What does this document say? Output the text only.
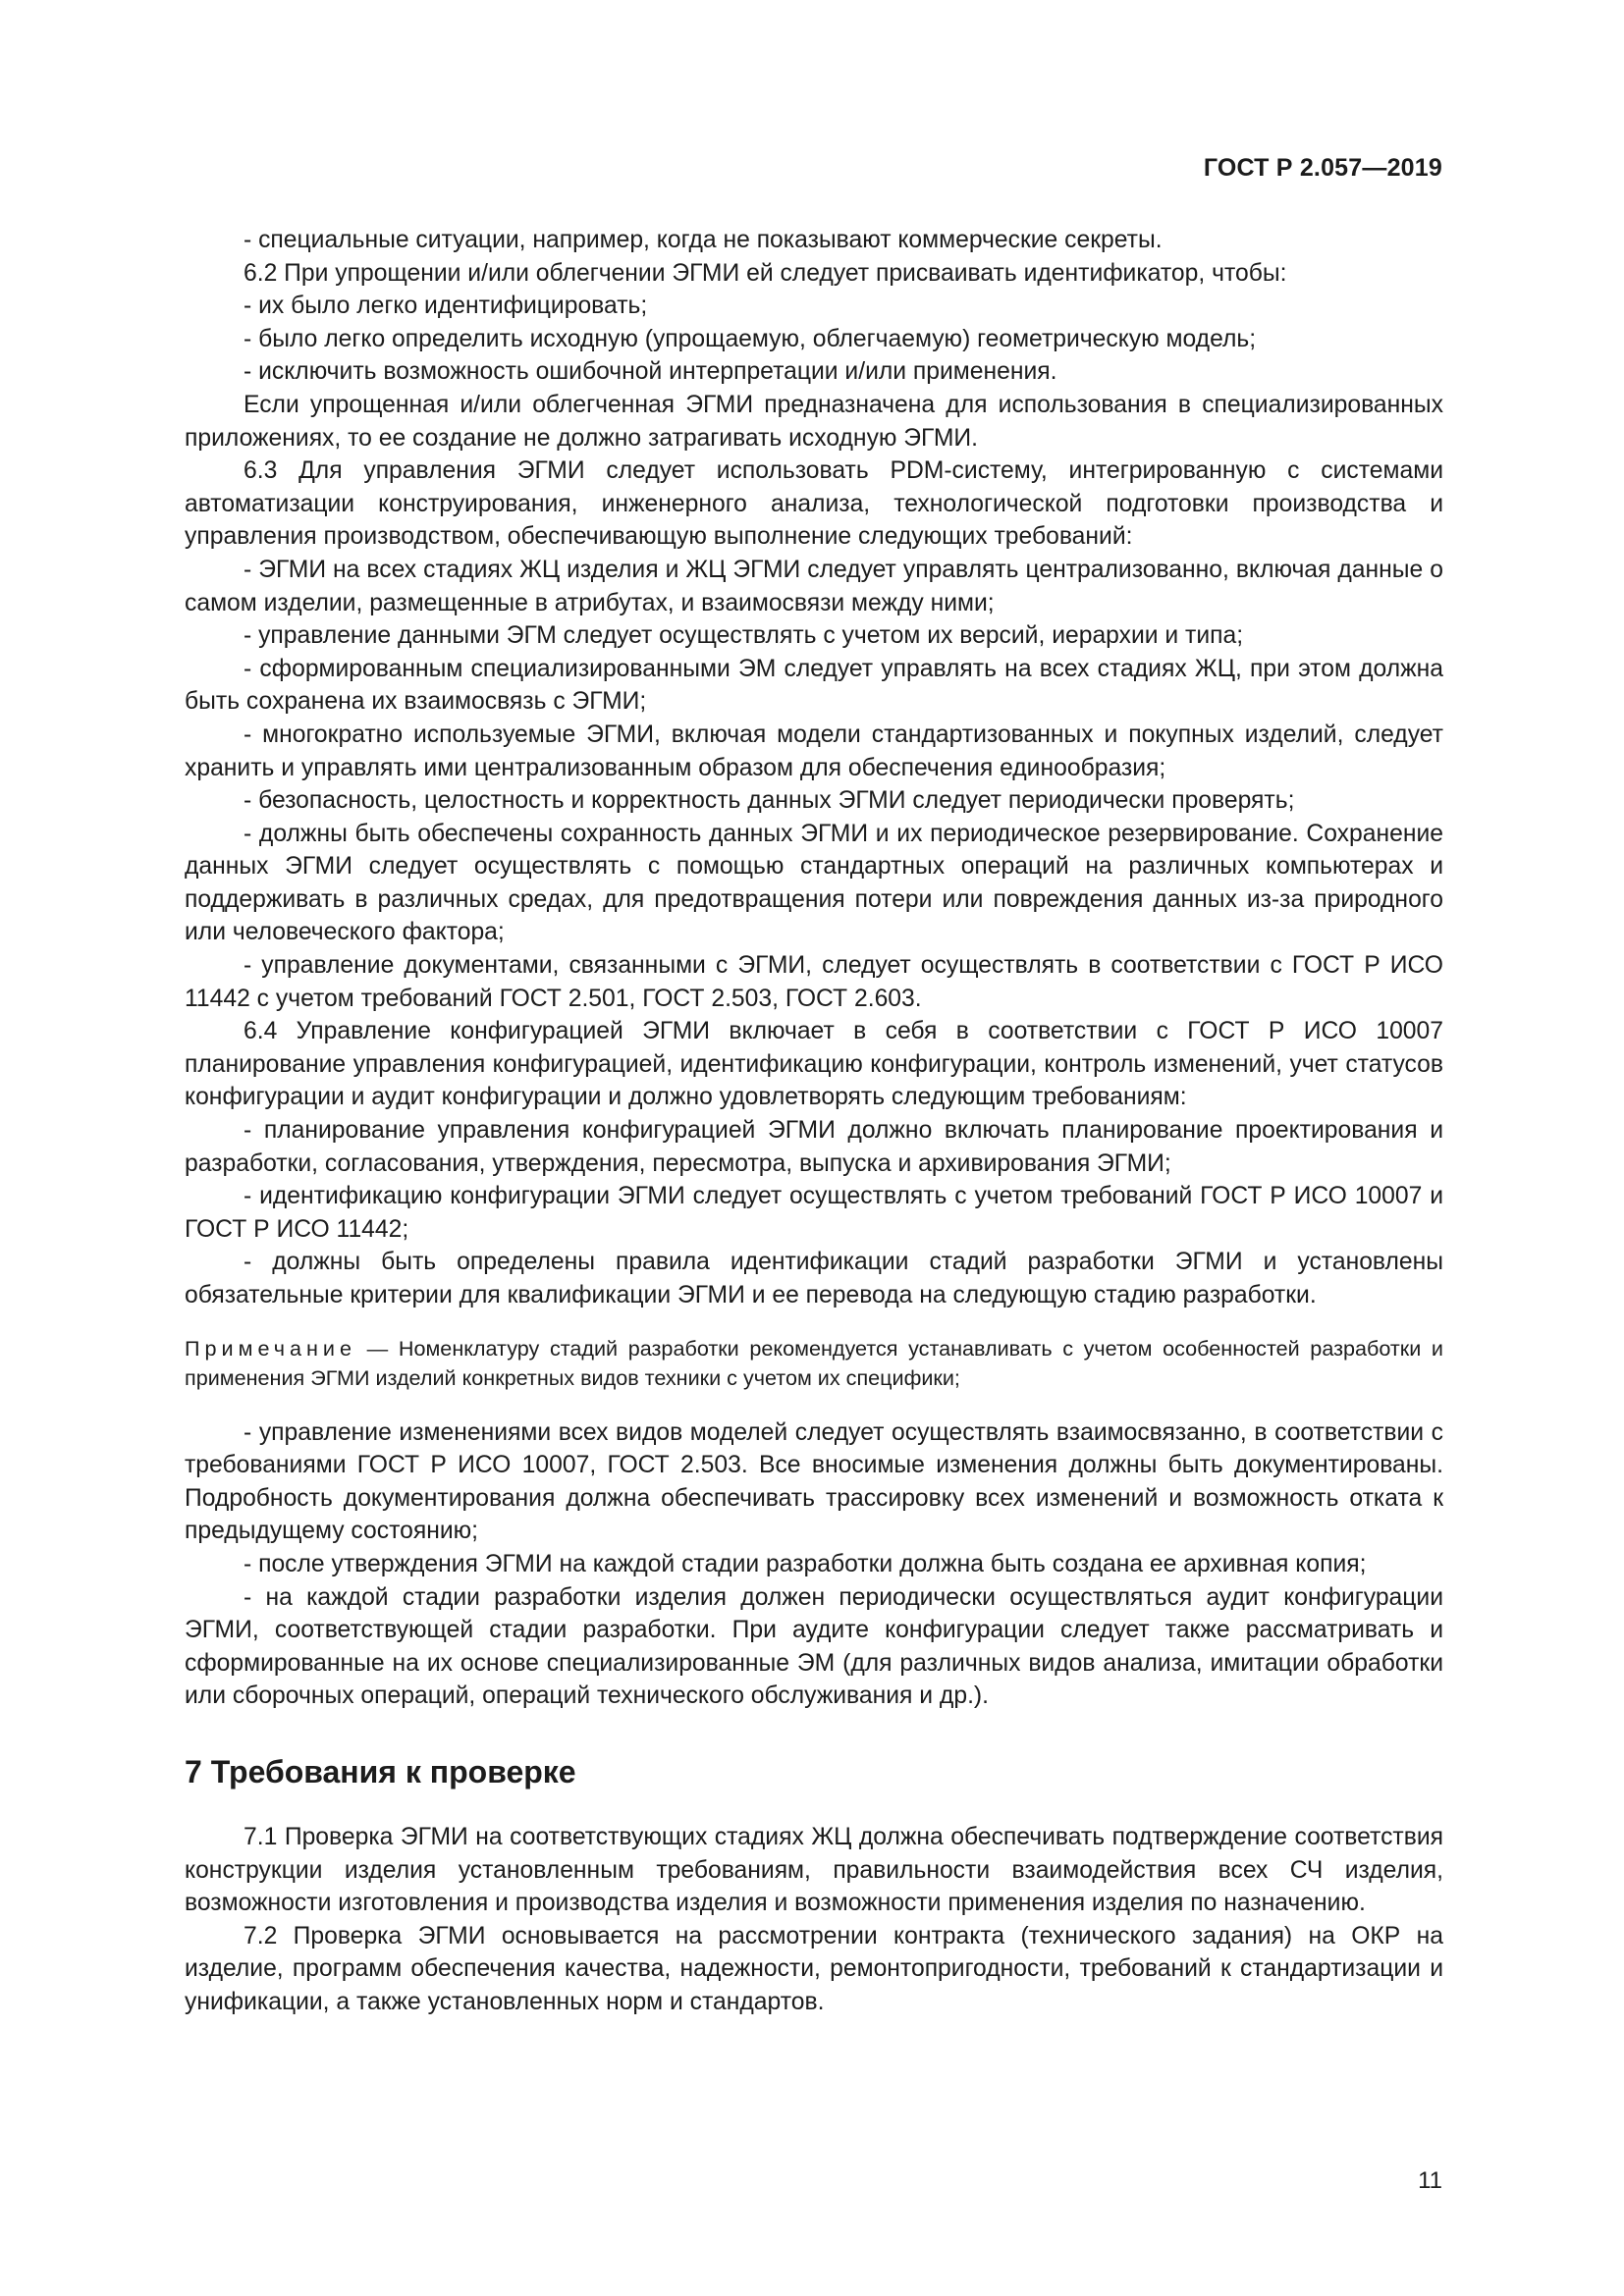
ГОСТ Р 2.057—2019

- специальные ситуации, например, когда не показывают коммерческие секреты.

6.2 При упрощении и/или облегчении ЭГМИ ей следует присваивать идентификатор, чтобы:

- их было легко идентифицировать;

- было легко определить исходную (упрощаемую, облегчаемую) геометрическую модель;

- исключить возможность ошибочной интерпретации и/или применения.

Если упрощенная и/или облегченная ЭГМИ предназначена для использования в специализированных приложениях, то ее создание не должно затрагивать исходную ЭГМИ.

6.3 Для управления ЭГМИ следует использовать PDM-систему, интегрированную с системами автоматизации конструирования, инженерного анализа, технологической подготовки производства и управления производством, обеспечивающую выполнение следующих требований:

- ЭГМИ на всех стадиях ЖЦ изделия и ЖЦ ЭГМИ следует управлять централизованно, включая данные о самом изделии, размещенные в атрибутах, и взаимосвязи между ними;

- управление данными ЭГМ следует осуществлять с учетом их версий, иерархии и типа;

- сформированным специализированными ЭМ следует управлять на всех стадиях ЖЦ, при этом должна быть сохранена их взаимосвязь с ЭГМИ;

- многократно используемые ЭГМИ, включая модели стандартизованных и покупных изделий, следует хранить и управлять ими централизованным образом для обеспечения единообразия;

- безопасность, целостность и корректность данных ЭГМИ следует периодически проверять;

- должны быть обеспечены сохранность данных ЭГМИ и их периодическое резервирование. Сохранение данных ЭГМИ следует осуществлять с помощью стандартных операций на различных компьютерах и поддерживать в различных средах, для предотвращения потери или повреждения данных из-за природного или человеческого фактора;

- управление документами, связанными с ЭГМИ, следует осуществлять в соответствии с ГОСТ Р ИСО 11442 с учетом требований ГОСТ 2.501, ГОСТ 2.503, ГОСТ 2.603.

6.4 Управление конфигурацией ЭГМИ включает в себя в соответствии с ГОСТ Р ИСО 10007 планирование управления конфигурацией, идентификацию конфигурации, контроль изменений, учет статусов конфигурации и аудит конфигурации и должно удовлетворять следующим требованиям:

- планирование управления конфигурацией ЭГМИ должно включать планирование проектирования и разработки, согласования, утверждения, пересмотра, выпуска и архивирования ЭГМИ;

- идентификацию конфигурации ЭГМИ следует осуществлять с учетом требований ГОСТ Р ИСО 10007 и ГОСТ Р ИСО 11442;

- должны быть определены правила идентификации стадий разработки ЭГМИ и установлены обязательные критерии для квалификации ЭГМИ и ее перевода на следующую стадию разработки.

Примечание — Номенклатуру стадий разработки рекомендуется устанавливать с учетом особенностей разработки и применения ЭГМИ изделий конкретных видов техники с учетом их специфики;

- управление изменениями всех видов моделей следует осуществлять взаимосвязанно, в соответствии с требованиями ГОСТ Р ИСО 10007, ГОСТ 2.503. Все вносимые изменения должны быть документированы. Подробность документирования должна обеспечивать трассировку всех изменений и возможность отката к предыдущему состоянию;

- после утверждения ЭГМИ на каждой стадии разработки должна быть создана ее архивная копия;

- на каждой стадии разработки изделия должен периодически осуществляться аудит конфигурации ЭГМИ, соответствующей стадии разработки. При аудите конфигурации следует также рассматривать и сформированные на их основе специализированные ЭМ (для различных видов анализа, имитации обработки или сборочных операций, операций технического обслуживания и др.).

7 Требования к проверке

7.1 Проверка ЭГМИ на соответствующих стадиях ЖЦ должна обеспечивать подтверждение соответствия конструкции изделия установленным требованиям, правильности взаимодействия всех СЧ изделия, возможности изготовления и производства изделия и возможности применения изделия по назначению.

7.2 Проверка ЭГМИ основывается на рассмотрении контракта (технического задания) на ОКР на изделие, программ обеспечения качества, надежности, ремонтопригодности, требований к стандартизации и унификации, а также установленных норм и стандартов.

11
